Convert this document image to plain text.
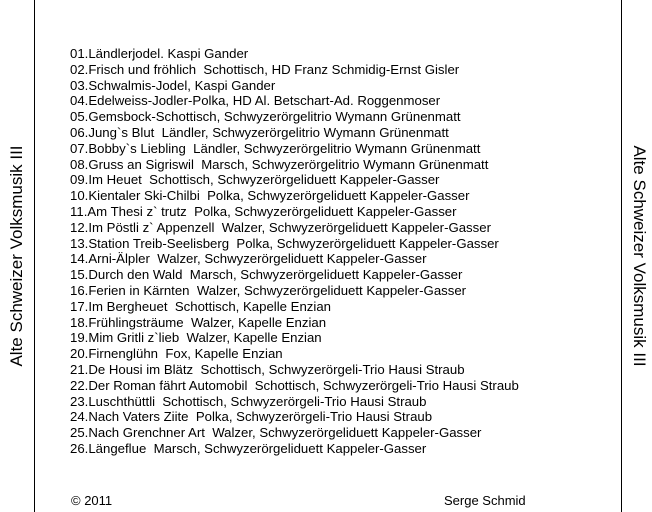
Alte Schweizer Volksmusik III	Alte Schweizer Volksmusik III
01. Ländlerjodel. Kaspi Gander
02. Frisch und fröhlich  Schottisch, HD Franz Schmidig-Ernst Gisler
03. Schwalmis-Jodel, Kaspi Gander
04. Edelweiss-Jodler-Polka, HD Al. Betschart-Ad. Roggenmoser
05. Gemsbock-Schottisch, Schwyzerörgelitrio Wymann Grünenmatt
06. Jung`s Blut  Ländler, Schwyzerörgelitrio Wymann Grünenmatt
07. Bobby`s Liebling  Ländler, Schwyzerörgelitrio Wymann Grünenmatt
08. Gruss an Sigriswil  Marsch, Schwyzerörgelitrio Wymann Grünenmatt
09. Im Heuet  Schottisch, Schwyzerörgeliduett Kappeler-Gasser
10. Kientaler Ski-Chilbi  Polka, Schwyzerörgeliduett Kappeler-Gasser
11. Am Thesi z` trutz  Polka, Schwyzerörgeliduett Kappeler-Gasser
12. Im Pöstli z` Appenzell  Walzer, Schwyzerörgeliduett Kappeler-Gasser
13. Station Treib-Seelisberg  Polka, Schwyzerörgeliduett Kappeler-Gasser
14. Arni-Älpler  Walzer, Schwyzerörgeliduett Kappeler-Gasser
15. Durch den Wald  Marsch, Schwyzerörgeliduett Kappeler-Gasser
16. Ferien in Kärnten  Walzer, Schwyzerörgeliduett Kappeler-Gasser
17. Im Bergheuet  Schottisch, Kapelle Enzian
18. Frühlingsträume  Walzer, Kapelle Enzian
19. Mim Gritli z`lieb  Walzer, Kapelle Enzian
20. Firnenglühn  Fox, Kapelle Enzian
21. De Housi im Blätz  Schottisch, Schwyzerörgeli-Trio Hausi Straub
22. Der Roman fährt Automobil  Schottisch, Schwyzerörgeli-Trio Hausi Straub
23. Luschthüttli  Schottisch, Schwyzerörgeli-Trio Hausi Straub
24. Nach Vaters Ziite  Polka, Schwyzerörgeli-Trio Hausi Straub
25. Nach Grenchner Art  Walzer, Schwyzerörgeliduett Kappeler-Gasser
26. Längeflue  Marsch, Schwyzerörgeliduett Kappeler-Gasser
© 2011	Serge Schmid
